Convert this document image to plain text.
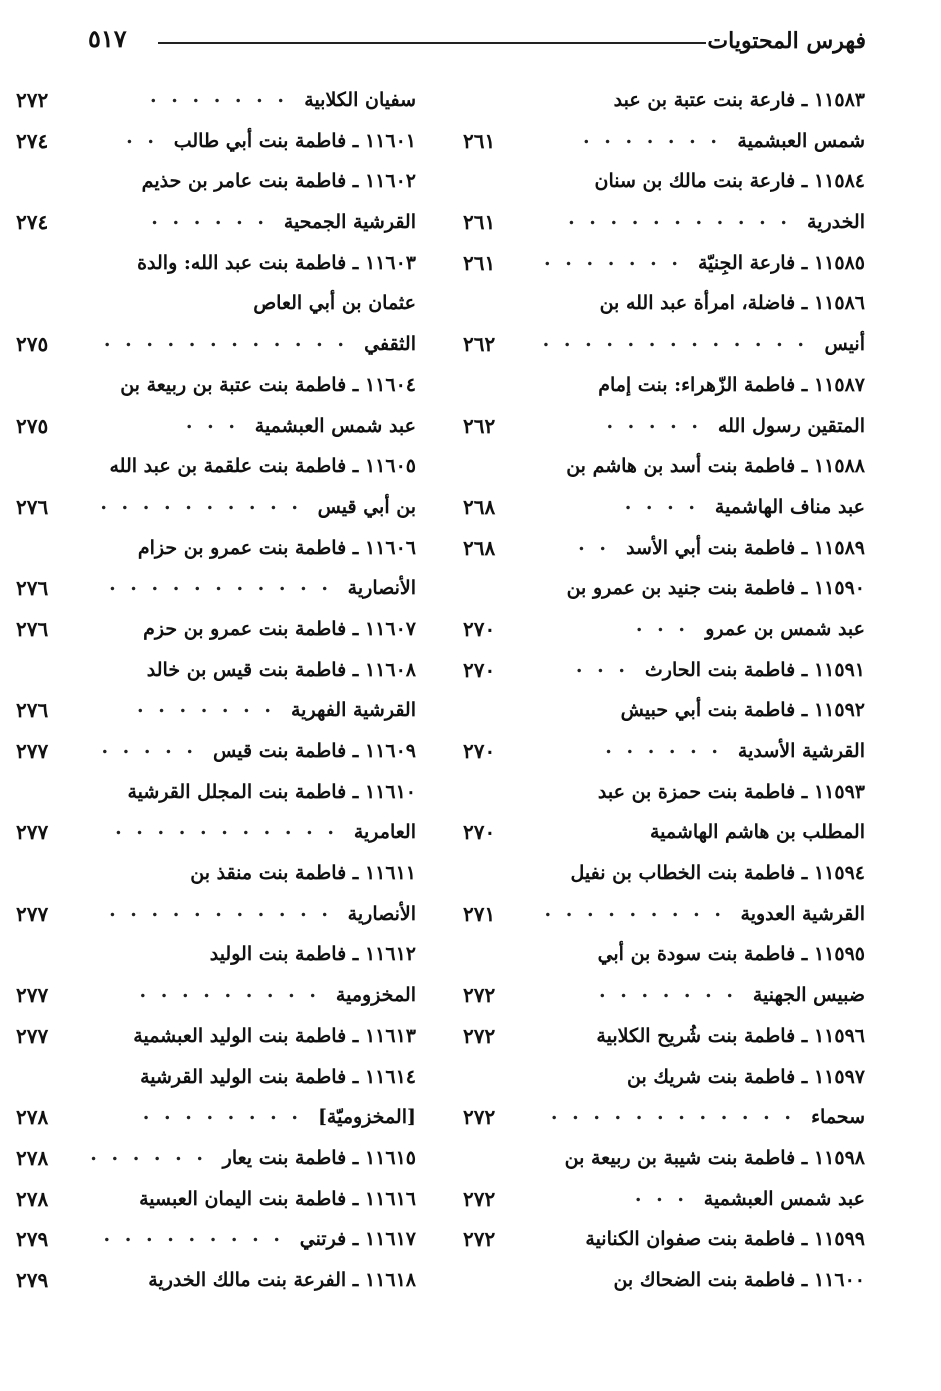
فهرس المحتويات
٥١٧
١١٥٨٣ ـ فارعة بنت عتبة بن عبد
شمس العبشمية
. . . . . . .
٢٦١
١١٥٨٤ ـ فارعة بنت مالك بن سنان
الخدرية
. . . . . . . . . . .
٢٦١
١١٥٨٥ ـ فارعة الجِنيّة
. . . . . . .
٢٦١
١١٥٨٦ ـ فاضلة، امرأة عبد الله بن
أنيس
. . . . . . . . . . . . .
٢٦٢
١١٥٨٧ ـ فاطمة الزّهراء: بنت إمام
المتقين رسول الله
. . . . .
٢٦٢
١١٥٨٨ ـ فاطمة بنت أسد بن هاشم بن
عبد مناف الهاشمية
. . . .
٢٦٨
١١٥٨٩ ـ فاطمة بنت أبي الأسد
. .
٢٦٨
١١٥٩٠ ـ فاطمة بنت جنيد بن عمرو بن
عبد شمس بن عمرو
. . .
٢٧٠
١١٥٩١ ـ فاطمة بنت الحارث
. . .
٢٧٠
١١٥٩٢ ـ فاطمة بنت أبي حبيش
القرشية الأسدية
. . . . . .
٢٧٠
١١٥٩٣ ـ فاطمة بنت حمزة بن عبد
المطلب بن هاشم الهاشمية
٢٧٠
١١٥٩٤ ـ فاطمة بنت الخطاب بن نفيل
القرشية العدوية
. . . . . . . . .
٢٧١
١١٥٩٥ ـ فاطمة بنت سودة بن أبي
ضبيس الجهنية
. . . . . . .
٢٧٢
١١٥٩٦ ـ فاطمة بنت شُريح الكلابية
٢٧٢
١١٥٩٧ ـ فاطمة بنت شريك بن
سحماء
. . . . . . . . . . . .
٢٧٢
١١٥٩٨ ـ فاطمة بنت شيبة بن ربيعة بن
عبد شمس العبشمية
. . .
٢٧٢
١١٥٩٩ ـ فاطمة بنت صفوان الكنانية
٢٧٢
١١٦٠٠ ـ فاطمة بنت الضحاك بن
سفيان الكلابية
. . . . . . .
٢٧٢
١١٦٠١ ـ فاطمة بنت أبي طالب
. .
٢٧٤
١١٦٠٢ ـ فاطمة بنت عامر بن حذيم
القرشية الجمحية
. . . . . .
٢٧٤
١١٦٠٣ ـ فاطمة بنت عبد الله: والدة
عثمان بن أبي العاص
الثقفي
. . . . . . . . . . . .
٢٧٥
١١٦٠٤ ـ فاطمة بنت عتبة بن ربيعة بن
عبد شمس العبشمية
. . .
٢٧٥
١١٦٠٥ ـ فاطمة بنت علقمة بن عبد الله
بن أبي قيس
. . . . . . . . . .
٢٧٦
١١٦٠٦ ـ فاطمة بنت عمرو بن حزام
الأنصارية
. . . . . . . . . . .
٢٧٦
١١٦٠٧ ـ فاطمة بنت عمرو بن حزم
٢٧٦
١١٦٠٨ ـ فاطمة بنت قيس بن خالد
القرشية الفهرية
. . . . . . .
٢٧٦
١١٦٠٩ ـ فاطمة بنت قيس
. . . . .
٢٧٧
١١٦١٠ ـ فاطمة بنت المجلل القرشية
العامرية
. . . . . . . . . . .
٢٧٧
١١٦١١ ـ فاطمة بنت منقذ بن
الأنصارية
. . . . . . . . . . .
٢٧٧
١١٦١٢ ـ فاطمة بنت الوليد
المخزومية
. . . . . . . . .
٢٧٧
١١٦١٣ ـ فاطمة بنت الوليد العبشمية
٢٧٧
١١٦١٤ ـ فاطمة بنت الوليد القرشية
[المخزوميّة]
. . . . . . . .
٢٧٨
١١٦١٥ ـ فاطمة بنت يعار
. . . . . .
٢٧٨
١١٦١٦ ـ فاطمة بنت اليمان العبسية
٢٧٨
١١٦١٧ ـ فرتني
. . . . . . . . .
٢٧٩
١١٦١٨ ـ الفرعة بنت مالك الخدرية
٢٧٩
